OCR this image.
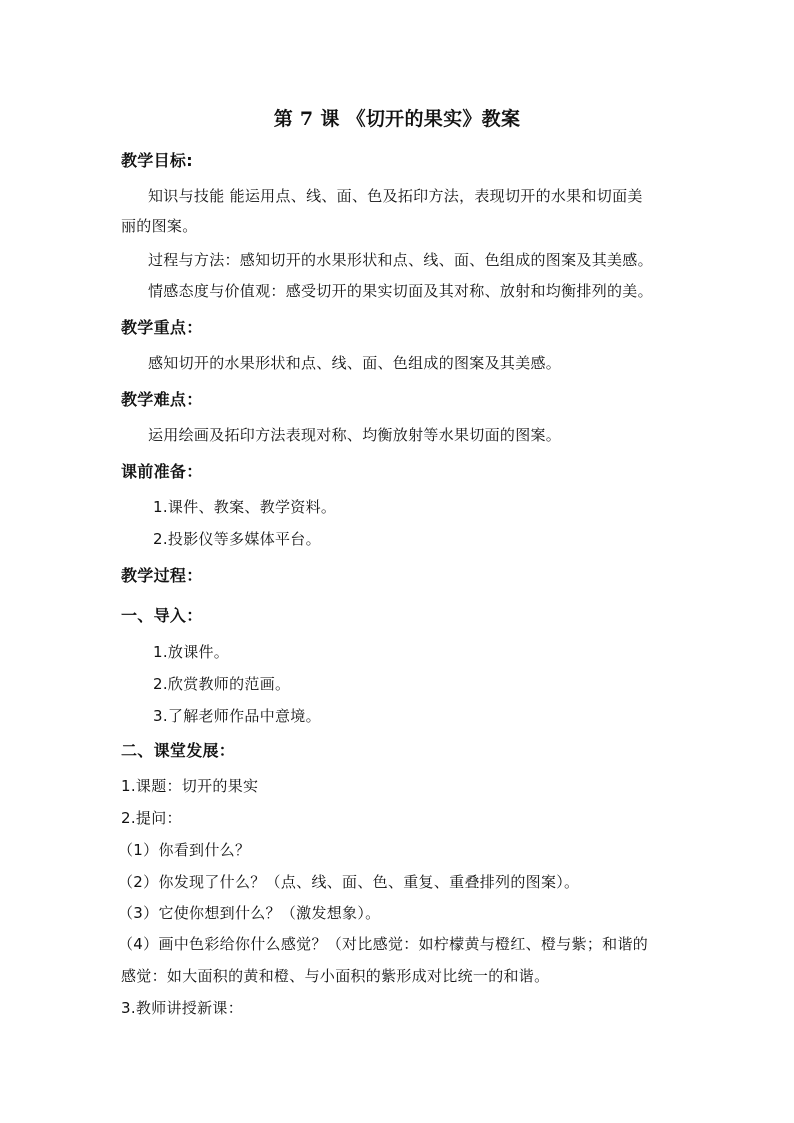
第 7 课 《切开的果实》教案
教学目标:
知识与技能 能运用点、线、面、色及拓印方法，表现切开的水果和切面美
丽的图案。
过程与方法：感知切开的水果形状和点、线、面、色组成的图案及其美感。
情感态度与价值观：感受切开的果实切面及其对称、放射和均衡排列的美。
教学重点：
感知切开的水果形状和点、线、面、色组成的图案及其美感。
教学难点：
运用绘画及拓印方法表现对称、均衡放射等水果切面的图案。
课前准备：
1.课件、教案、教学资料。
2.投影仪等多媒体平台。
教学过程：
一、导入：
1.放课件。
2.欣赏教师的范画。
3.了解老师作品中意境。
二、课堂发展：
1.课题：切开的果实
2.提问：
（1）你看到什么？
（2）你发现了什么？（点、线、面、色、重复、重叠排列的图案）。
（3）它使你想到什么？（激发想象）。
（4）画中色彩给你什么感觉？（对比感觉：如柠檬黄与橙红、橙与紫；和谐的
感觉：如大面积的黄和橙、与小面积的紫形成对比统一的和谐。
3.教师讲授新课：
